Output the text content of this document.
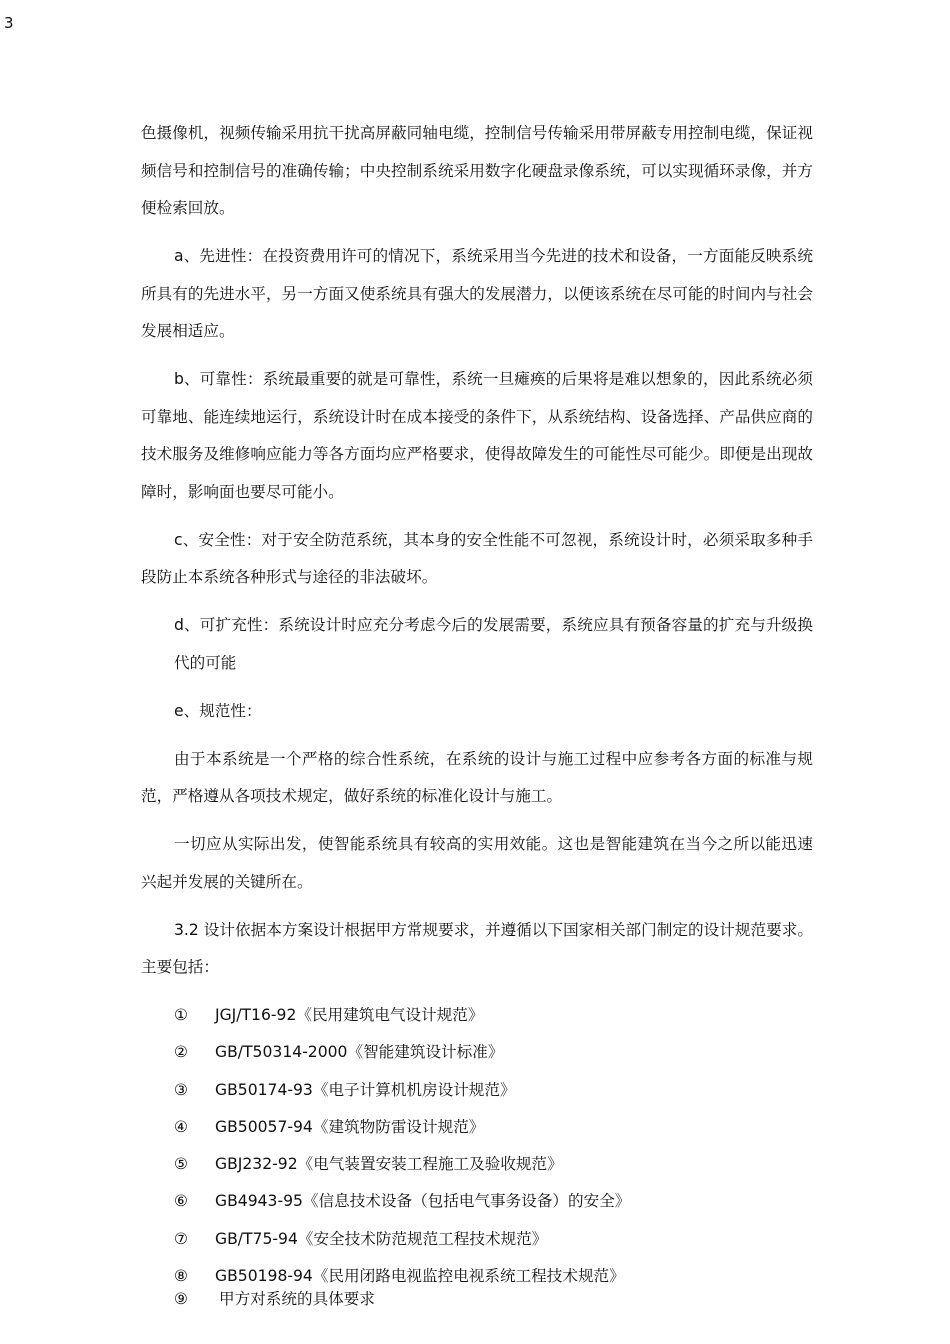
3

色摄像机，视频传输采用抗干扰高屏蔽同轴电缆，控制信号传输采用带屏蔽专用控制电缆，保证视频信号和控制信号的准确传输；中央控制系统采用数字化硬盘录像系统，可以实现循环录像，并方便检索回放。

a、先进性：在投资费用许可的情况下，系统采用当今先进的技术和设备，一方面能反映系统所具有的先进水平，另一方面又使系统具有强大的发展潜力，以便该系统在尽可能的时间内与社会发展相适应。

b、可靠性：系统最重要的就是可靠性，系统一旦瘫痪的后果将是难以想象的，因此系统必须可靠地、能连续地运行，系统设计时在成本接受的条件下，从系统结构、设备选择、产品供应商的技术服务及维修响应能力等各方面均应严格要求，使得故障发生的可能性尽可能少。即便是出现故障时，影响面也要尽可能小。

c、安全性：对于安全防范系统，其本身的安全性能不可忽视，系统设计时，必须采取多种手段防止本系统各种形式与途径的非法破坏。

d、可扩充性：系统设计时应充分考虑今后的发展需要，系统应具有预备容量的扩充与升级换代的可能

e、规范性：

由于本系统是一个严格的综合性系统，在系统的设计与施工过程中应参考各方面的标准与规范，严格遵从各项技术规定，做好系统的标准化设计与施工。

一切应从实际出发，使智能系统具有较高的实用效能。这也是智能建筑在当今之所以能迅速兴起并发展的关键所在。

3.2 设计依据本方案设计根据甲方常规要求，并遵循以下国家相关部门制定的设计规范要求。主要包括：

① JGJ/T16-92《民用建筑电气设计规范》
② GB/T50314-2000《智能建筑设计标准》
③ GB50174-93《电子计算机机房设计规范》
④ GB50057-94《建筑物防雷设计规范》
⑤ GBJ232-92《电气装置安装工程施工及验收规范》
⑥ GB4943-95《信息技术设备（包括电气事务设备）的安全》
⑦ GB/T75-94《安全技术防范规范工程技术规范》
⑧ GB50198-94《民用闭路电视监控电视系统工程技术规范》
⑨ 甲方对系统的具体要求
